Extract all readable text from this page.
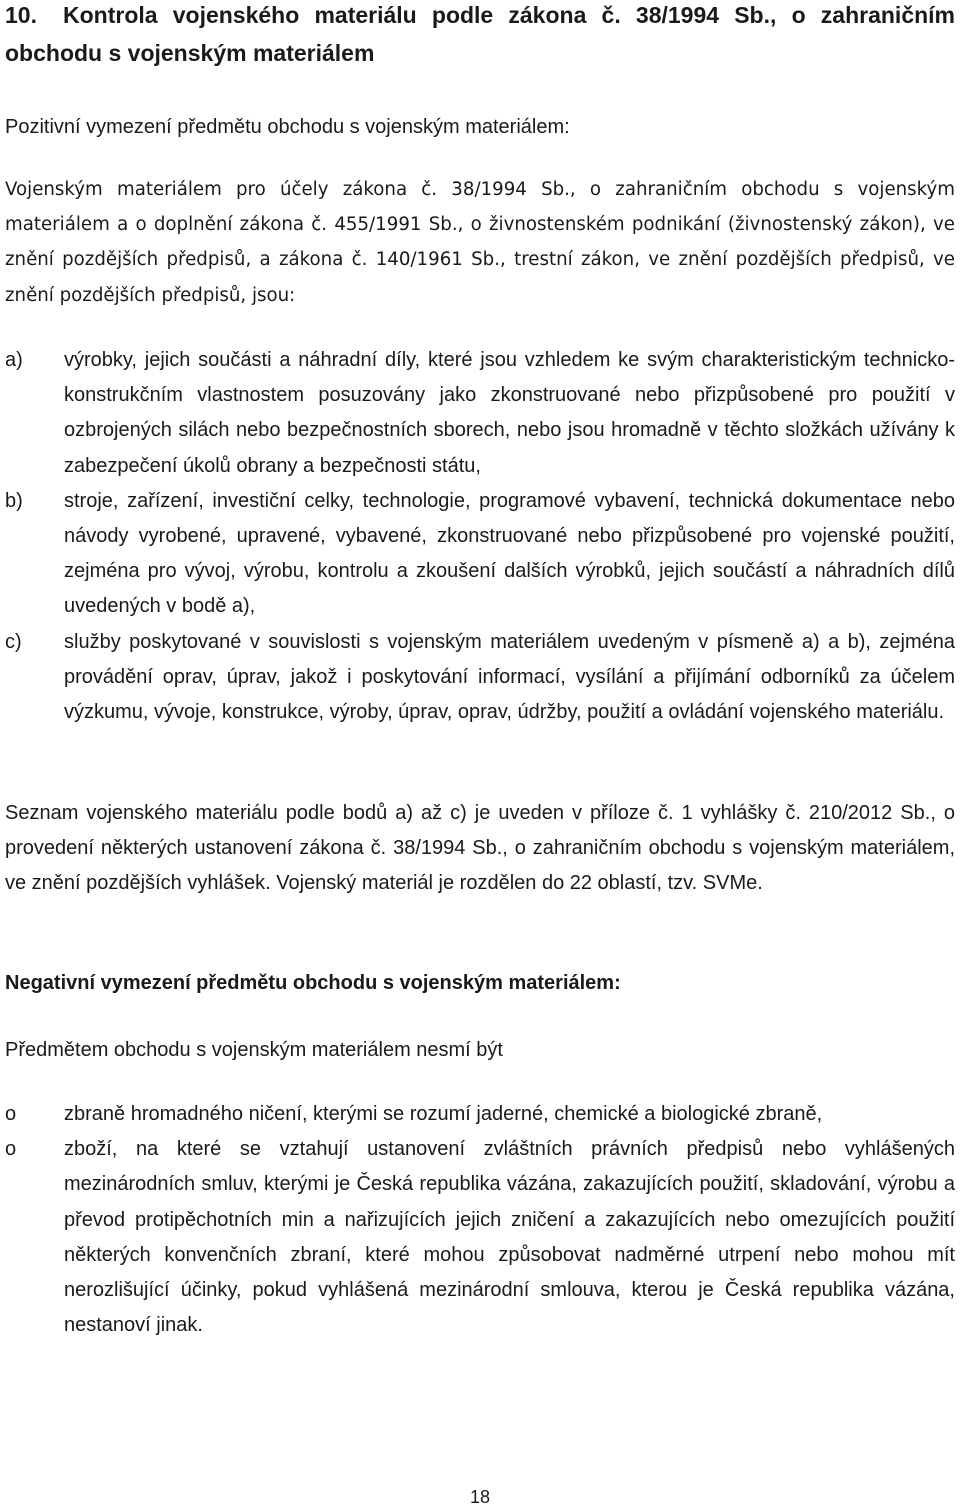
10. Kontrola vojenského materiálu podle zákona č. 38/1994 Sb., o zahraničním obchodu s vojenským materiálem

Pozitivní vymezení předmětu obchodu s vojenským materiálem:

Vojenským materiálem pro účely zákona č. 38/1994 Sb., o zahraničním obchodu s vojenským materiálem a o doplnění zákona č. 455/1991 Sb., o živnostenském podnikání (živnostenský zákon), ve znění pozdějších předpisů, a zákona č. 140/1961 Sb., trestní zákon, ve znění pozdějších předpisů, ve znění pozdějších předpisů, jsou:

a)	výrobky, jejich součásti a náhradní díly, které jsou vzhledem ke svým charakteristickým technicko-konstrukčním vlastnostem posuzovány jako zkonstruované nebo přizpůsobené pro použití v ozbrojených silách nebo bezpečnostních sborech, nebo jsou hromadně v těchto složkách užívány k zabezpečení úkolů obrany a bezpečnosti státu,
b)	stroje, zařízení, investiční celky, technologie, programové vybavení, technická dokumentace nebo návody vyrobené, upravené, vybavené, zkonstruované nebo přizpůsobené pro vojenské použití, zejména pro vývoj, výrobu, kontrolu a zkoušení dalších výrobků, jejich součástí a náhradních dílů uvedených v bodě a),
c)	služby poskytované v souvislosti s vojenským materiálem uvedeným v písmeně a) a b), zejména provádění oprav, úprav, jakož i poskytování informací, vysílání a přijímání odborníků za účelem výzkumu, vývoje, konstrukce, výroby, úprav, oprav, údržby, použití a ovládání vojenského materiálu.

Seznam vojenského materiálu podle bodů a) až c) je uveden v příloze č. 1 vyhlášky č. 210/2012 Sb., o provedení některých ustanovení zákona č. 38/1994 Sb., o zahraničním obchodu s vojenským materiálem, ve znění pozdějších vyhlášek. Vojenský materiál je rozdělen do 22 oblastí, tzv. SVMe.

Negativní vymezení předmětu obchodu s vojenským materiálem:

Předmětem obchodu s vojenským materiálem nesmí být

o	zbraně hromadného ničení, kterými se rozumí jaderné, chemické a biologické zbraně,
o	zboží, na které se vztahují ustanovení zvláštních právních předpisů nebo vyhlášených mezinárodních smluv, kterými je Česká republika vázána, zakazujících použití, skladování, výrobu a převod protipěchotních min a nařizujících jejich zničení a zakazujících nebo omezujících použití některých konvenčních zbraní, které mohou způsobovat nadměrné utrpení nebo mohou mít nerozlišující účinky, pokud vyhlášená mezinárodní smlouva, kterou je Česká republika vázána, nestanoví jinak.
18
